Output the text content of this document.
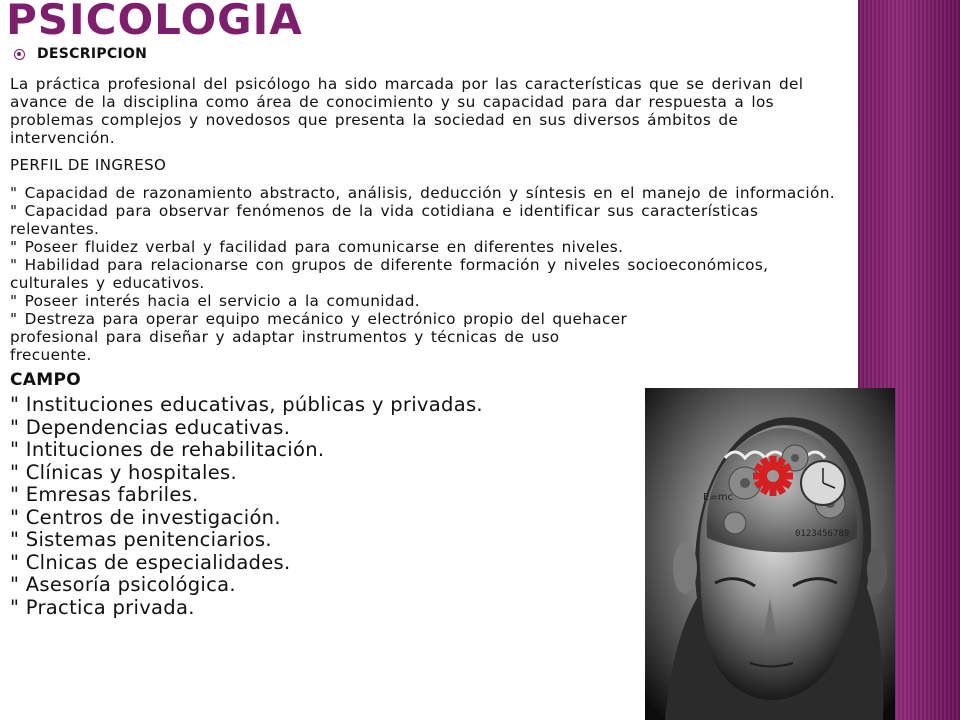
PSICOLOGIA
DESCRIPCION

La práctica profesional del psicólogo ha sido marcada por las características que se derivan del avance de la disciplina como área de conocimiento y su capacidad para dar respuesta a los problemas complejos y novedosos que presenta la sociedad en sus diversos ámbitos de intervención.

PERFIL DE INGRESO

" Capacidad de razonamiento abstracto, análisis, deducción y síntesis en el manejo de información.

" Capacidad para observar fenómenos de la vida cotidiana e identificar sus características relevantes.

" Poseer fluidez verbal y facilidad para comunicarse en diferentes niveles.

" Habilidad para relacionarse con grupos de diferente formación y niveles socioeconómicos, culturales y educativos.

" Poseer interés hacia el servicio a la comunidad.

" Destreza para operar equipo mecánico y electrónico propio del quehacer profesional para diseñar y adaptar instrumentos y técnicas de uso frecuente.

CAMPO

" Instituciones educativas, públicas y privadas.

" Dependencias educativas.

" Intituciones de rehabilitación.

" Clínicas y hospitales.

" Emresas fabriles.

" Centros de investigación.

" Sistemas penitenciarios.

" Clnicas de especialidades.

" Asesoría psicológica.

" Practica privada.

E=mc
0123456789
